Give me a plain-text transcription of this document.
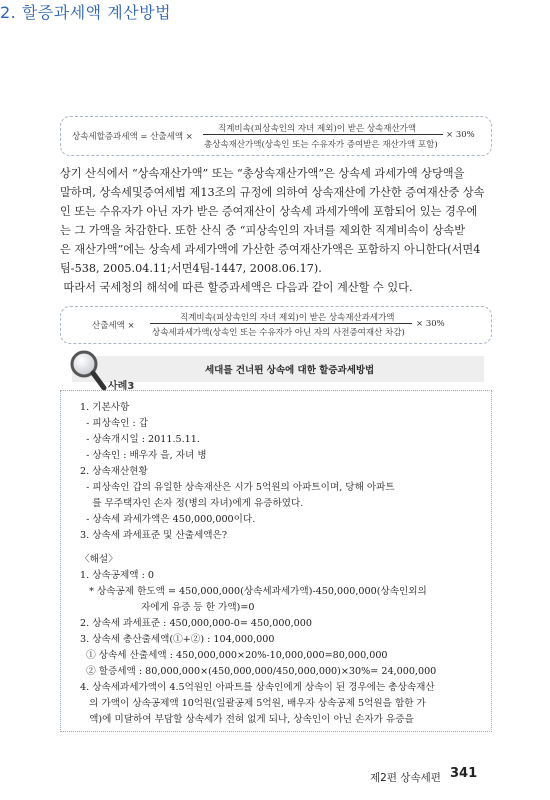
2. 할증과세액 계산방법
상속세할증과세액 = 산출세액 ×
직계비속(피상속인의 자녀 제외)이 받은 상속재산가액
총상속재산가액(상속인 또는 수유자가 증여받은 재산가액 포함)
× 30%
상기 산식에서 “상속재산가액” 또는 “총상속재산가액”은 상속세 과세가액 상당액을
말하며, 상속세및증여세법 제13조의 규정에 의하여 상속재산에 가산한 증여재산중 상속
인 또는 수유자가 아닌 자가 받은 증여재산이 상속세 과세가액에 포함되어 있는 경우에
는 그 가액을 차감한다. 또한 산식 중 “피상속인의 자녀를 제외한 직계비속이 상속받
은 재산가액”에는 상속세 과세가액에 가산한 증여재산가액은 포함하지 아니한다(서면4
팀-538, 2005.04.11;서면4팀-1447, 2008.06.17).
따라서 국세청의 해석에 따른 할증과세액은 다음과 같이 계산할 수 있다.
산출세액 ×
직계비속(피상속인의 자녀 제외)이 받은 상속재산과세가액
상속세과세가액(상속인 또는 수유자가 아닌 자의 사전증여재산 차감)
× 30%
세대를 건너뛴 상속에 대한 할증과세방법
사례3
1. 기본사항
- 피상속인 : 갑
- 상속개시일 : 2011.5.11.
- 상속인 : 배우자 을, 자녀 병
2. 상속재산현황
- 피상속인 갑의 유일한 상속재산은 시가 5억원의 아파트이며, 당해 아파트
를 무주택자인 손자 정(병의 자녀)에게 유증하였다.
- 상속세 과세가액은 450,000,000이다.
3. 상속세 과세표준 및 산출세액은?
〈해설〉
1. 상속공제액 : 0
* 상속공제 한도액 = 450,000,000(상속세과세가액)-450,000,000(상속인외의
자에게 유증 등 한 가액)=0
2. 상속세 과세표준 : 450,000,000-0= 450,000,000
3. 상속세 총산출세액(①+②) : 104,000,000
① 상속세 산출세액 : 450,000,000×20%-10,000,000=80,000,000
② 할증세액 : 80,000,000×(450,000,000/450,000,000)×30%= 24,000,000
4. 상속세과세가액이 4.5억원인 아파트를 상속인에게 상속이 된 경우에는 총상속재산
의 가액이 상속공제액 10억원(일괄공제 5억원, 배우자 상속공제 5억원을 합한 가
액)에 미달하여 부담할 상속세가 전혀 없게 되나, 상속인이 아닌 손자가 유증을
제2편 상속세편 341
